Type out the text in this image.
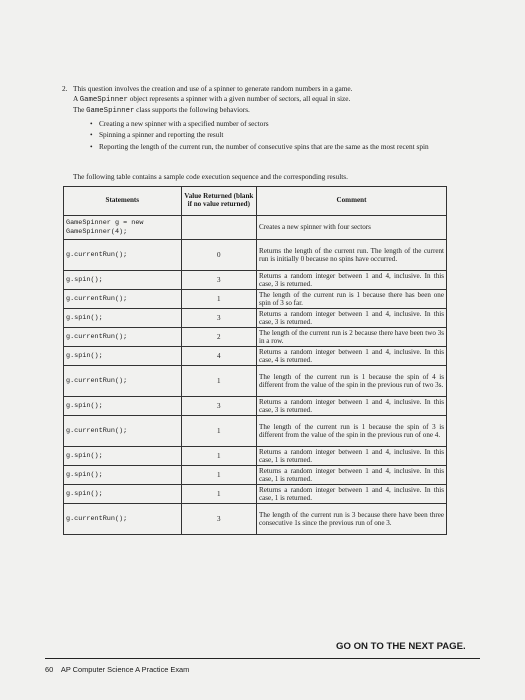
2. This question involves the creation and use of a spinner to generate random numbers in a game.
A GameSpinner object represents a spinner with a given number of sectors, all equal in size.
The GameSpinner class supports the following behaviors.
• Creating a new spinner with a specified number of sectors
• Spinning a spinner and reporting the result
• Reporting the length of the current run, the number of consecutive spins that are the same as the most recent spin
The following table contains a sample code execution sequence and the corresponding results.
Statements	Value Returned (blank if no value returned)	Comment
GameSpinner g = new GameSpinner(4);		Creates a new spinner with four sectors
g.currentRun();	0	Returns the length of the current run. The length of the current run is initially 0 because no spins have occurred.
g.spin();	3	Returns a random integer between 1 and 4, inclusive. In this case, 3 is returned.
g.currentRun();	1	The length of the current run is 1 because there has been one spin of 3 so far.
g.spin();	3	Returns a random integer between 1 and 4, inclusive. In this case, 3 is returned.
g.currentRun();	2	The length of the current run is 2 because there have been two 3s in a row.
g.spin();	4	Returns a random integer between 1 and 4, inclusive. In this case, 4 is returned.
g.currentRun();	1	The length of the current run is 1 because the spin of 4 is different from the value of the spin in the previous run of two 3s.
g.spin();	3	Returns a random integer between 1 and 4, inclusive. In this case, 3 is returned.
g.currentRun();	1	The length of the current run is 1 because the spin of 3 is different from the value of the spin in the previous run of one 4.
g.spin();	1	Returns a random integer between 1 and 4, inclusive. In this case, 1 is returned.
g.spin();	1	Returns a random integer between 1 and 4, inclusive. In this case, 1 is returned.
g.spin();	1	Returns a random integer between 1 and 4, inclusive. In this case, 1 is returned.
g.currentRun();	3	The length of the current run is 3 because there have been three consecutive 1s since the previous run of one 3.
GO ON TO THE NEXT PAGE.
60 AP Computer Science A Practice Exam
